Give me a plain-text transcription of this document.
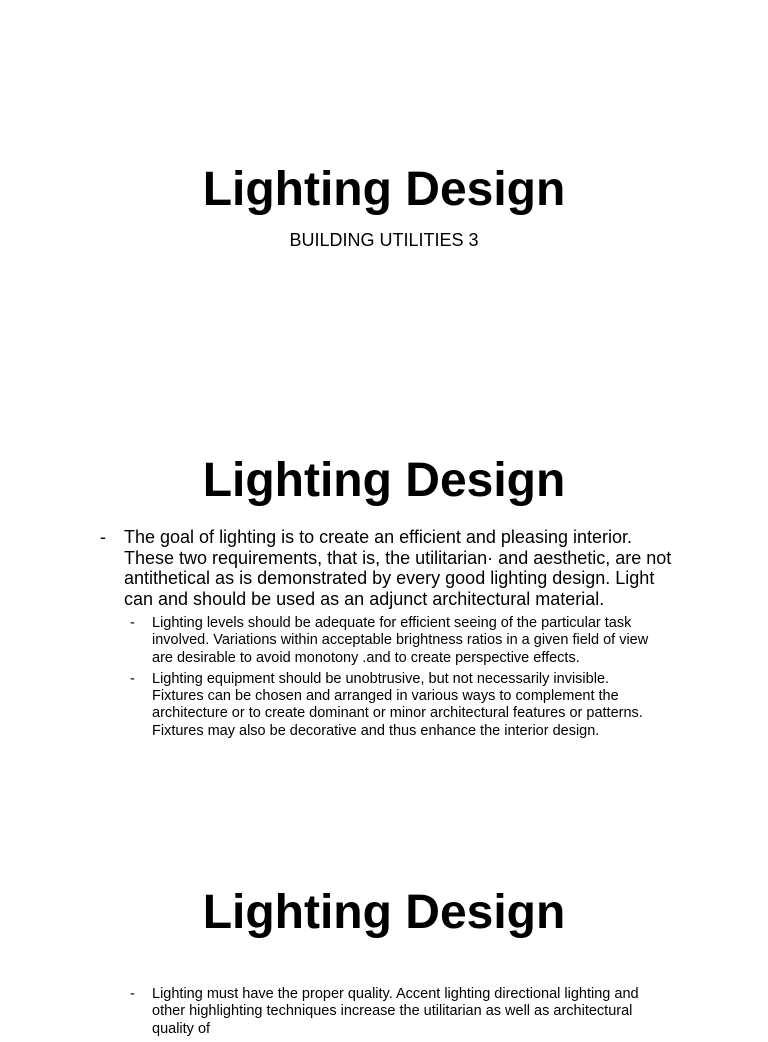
Lighting Design

BUILDING UTILITIES 3

Lighting Design
- The goal of lighting is to create an efficient and pleasing interior. These two requirements, that is, the utilitarian· and aesthetic, are not antithetical as is demonstrated by every good lighting design. Light can and should be used as an adjunct architectural material.
- Lighting levels should be adequate for efficient seeing of the particular task involved. Variations within acceptable brightness ratios in a given field of view are desirable to avoid monotony .and to create perspective effects.
- Lighting equipment should be unobtrusive, but not necessarily invisible. Fixtures can be chosen and arranged in various ways to complement the architecture or to create dominant or minor architectural features or patterns. Fixtures may also be decorative and thus enhance the interior design.
Lighting Design
- Lighting must have the proper quality. Accent lighting directional lighting and other highlighting techniques increase the utilitarian as well as architectural quality of
